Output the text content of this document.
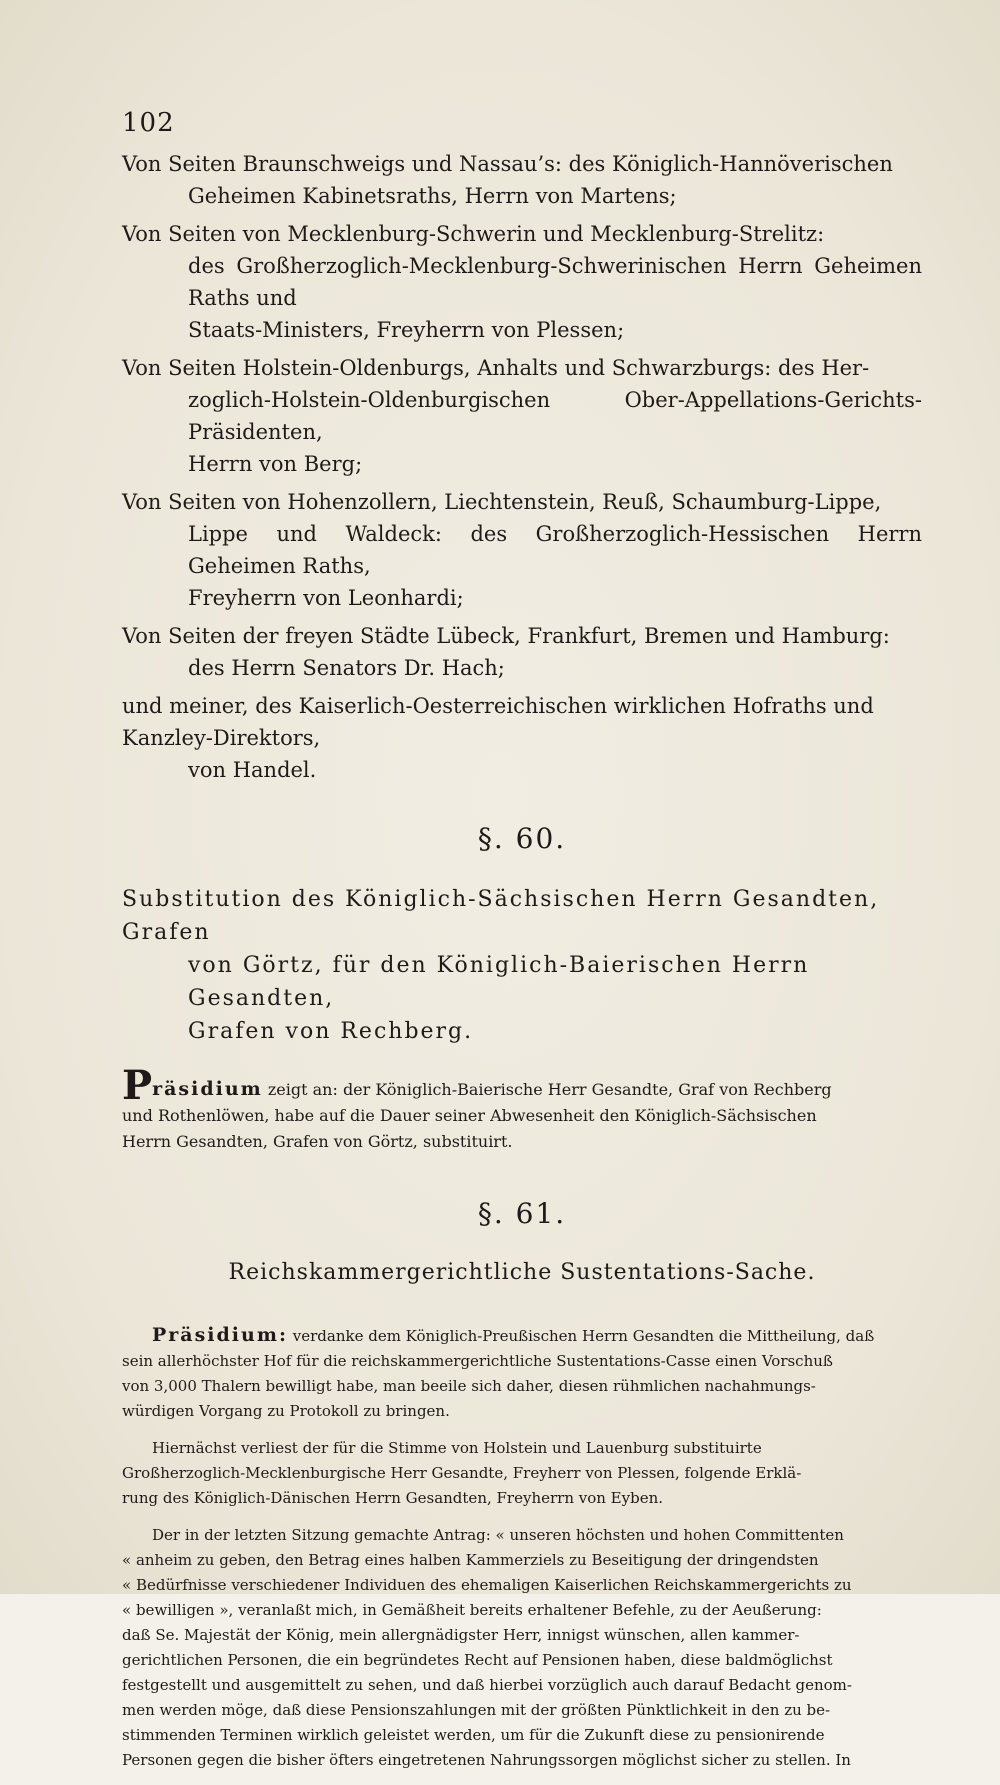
102
Von Seiten Braunschweigs und Nassau’s: des Königlich-Hannöverischen
Geheimen Kabinetsraths, Herrn von Martens;
Von Seiten von Mecklenburg-Schwerin und Mecklenburg-Strelitz:
des Großherzoglich-Mecklenburg-Schwerinischen Herrn Geheimen Raths und
Staats-Ministers, Freyherrn von Plessen;
Von Seiten Holstein-Oldenburgs, Anhalts und Schwarzburgs: des Her-
zoglich-Holstein-Oldenburgischen Ober-Appellations-Gerichts-Präsidenten,
Herrn von Berg;
Von Seiten von Hohenzollern, Liechtenstein, Reuß, Schaumburg-Lippe,
Lippe und Waldeck: des Großherzoglich-Hessischen Herrn Geheimen Raths,
Freyherrn von Leonhardi;
Von Seiten der freyen Städte Lübeck, Frankfurt, Bremen und Hamburg:
des Herrn Senators Dr. Hach;
und meiner, des Kaiserlich-Oesterreichischen wirklichen Hofraths und Kanzley-Direktors,
von Handel.
§. 60.
Substitution des Königlich-Sächsischen Herrn Gesandten, Grafen
von Görtz, für den Königlich-Baierischen Herrn Gesandten,
Grafen von Rechberg.
Präsidium zeigt an: der Königlich-Baierische Herr Gesandte, Graf von Rechberg
und Rothenlöwen, habe auf die Dauer seiner Abwesenheit den Königlich-Sächsischen
Herrn Gesandten, Grafen von Görtz, substituirt.
§. 61.
Reichskammergerichtliche Sustentations-Sache.
Präsidium: verdanke dem Königlich-Preußischen Herrn Gesandten die Mittheilung, daß
sein allerhöchster Hof für die reichskammergerichtliche Sustentations-Casse einen Vorschuß
von 3,000 Thalern bewilligt habe, man beeile sich daher, diesen rühmlichen nachahmungs-
würdigen Vorgang zu Protokoll zu bringen.
Hiernächst verliest der für die Stimme von Holstein und Lauenburg substituirte
Großherzoglich-Mecklenburgische Herr Gesandte, Freyherr von Plessen, folgende Erklä-
rung des Königlich-Dänischen Herrn Gesandten, Freyherrn von Eyben.
Der in der letzten Sitzung gemachte Antrag: « unseren höchsten und hohen Committenten
« anheim zu geben, den Betrag eines halben Kammerziels zu Beseitigung der dringendsten
« Bedürfnisse verschiedener Individuen des ehemaligen Kaiserlichen Reichskammergerichts zu
« bewilligen », veranlaßt mich, in Gemäßheit bereits erhaltener Befehle, zu der Aeußerung:
daß Se. Majestät der König, mein allergnädigster Herr, innigst wünschen, allen kammer-
gerichtlichen Personen, die ein begründetes Recht auf Pensionen haben, diese baldmöglichst
festgestellt und ausgemittelt zu sehen, und daß hierbei vorzüglich auch darauf Bedacht genom-
men werden möge, daß diese Pensionszahlungen mit der größten Pünktlichkeit in den zu be-
stimmenden Terminen wirklich geleistet werden, um für die Zukunft diese zu pensionirende
Personen gegen die bisher öfters eingetretenen Nahrungssorgen möglichst sicher zu stellen. In
